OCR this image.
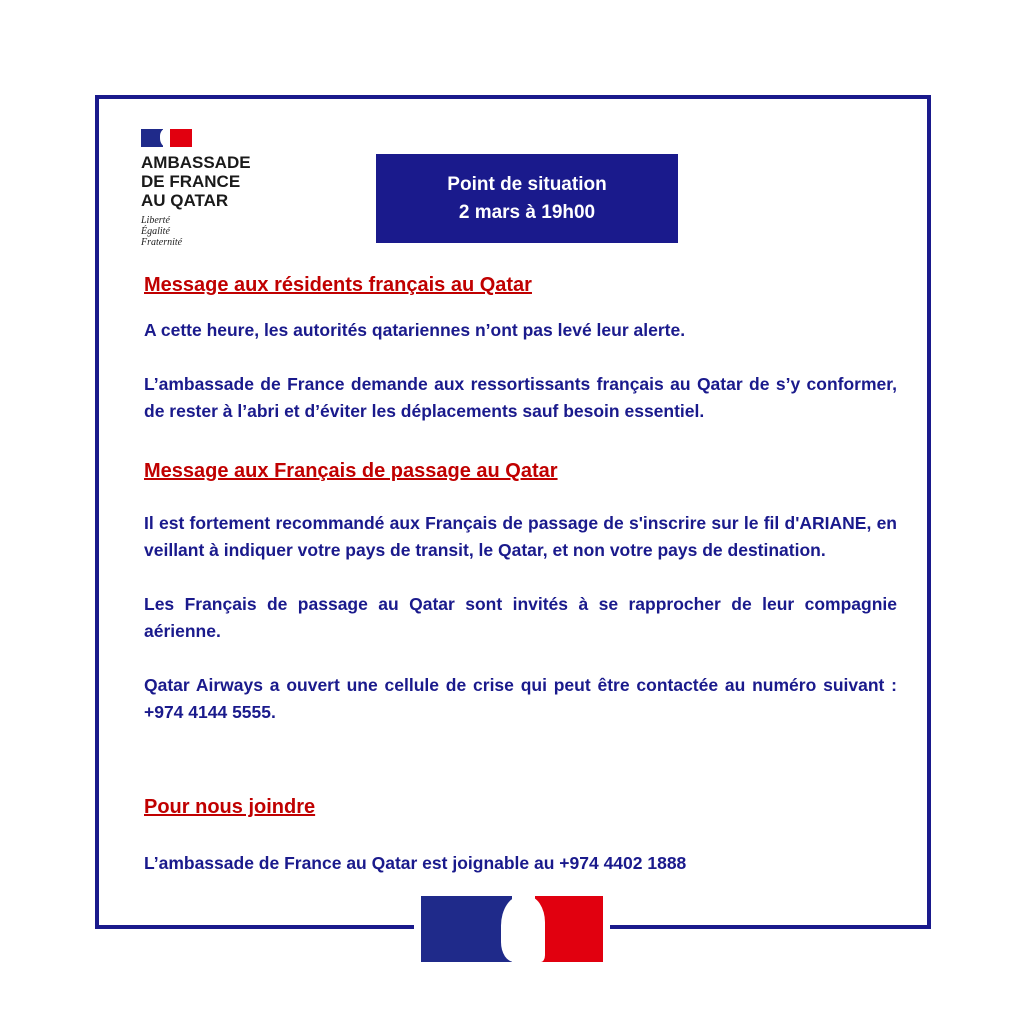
AMBASSADE
DE FRANCE
AU QATAR
Liberté
Égalité
Fraternité
Point de situation
2 mars à 19h00
Message aux résidents français au Qatar

A cette heure, les autorités qatariennes n’ont pas levé leur alerte.

L’ambassade de France demande aux ressortissants français au Qatar de s’y conformer, de rester à l’abri et d’éviter les déplacements sauf besoin essentiel.

Message aux Français de passage au Qatar

Il est fortement recommandé aux Français de passage de s'inscrire sur le fil d'ARIANE, en veillant à indiquer votre pays de transit, le Qatar, et non votre pays de destination.

Les Français de passage au Qatar sont invités à se rapprocher de leur compagnie aérienne.

Qatar Airways a ouvert une cellule de crise qui peut être contactée au numéro suivant : +974 4144 5555.

Pour nous joindre

L’ambassade de France au Qatar est joignable au +974 4402 1888
